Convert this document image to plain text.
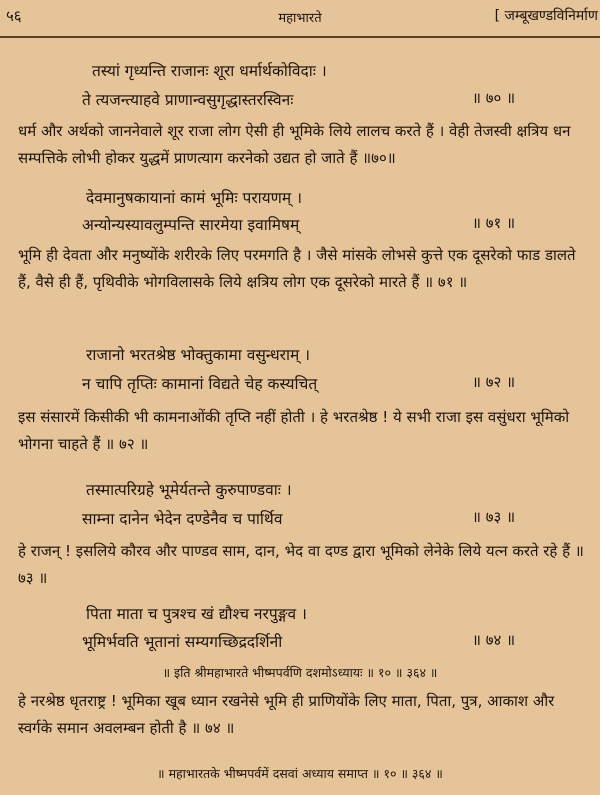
५६	महाभारते	[ जम्बूखण्डविनिर्माण
तस्यां गृध्यन्ति राजानः शूरा धर्मार्थकोविदाः ।
ते त्यजन्त्याहवे प्राणान्वसुगृद्धास्तरस्विनः	॥ ७० ॥
धर्म और अर्थको जाननेवाले शूर राजा लोग ऐसी ही भूमिके लिये लालच करते हैं । वेही तेजस्वी क्षत्रिय धन सम्पत्तिके लोभी होकर युद्धमें प्राणत्याग करनेको उद्यत हो जाते हैं ॥७०॥
देवमानुषकायानां कामं भूमिः परायणम् ।
अन्योन्यस्यावलुम्पन्ति सारमेया इवामिषम्	॥ ७१ ॥
भूमि ही देवता और मनुष्योंके शरीरके लिए परमगति है । जैसे मांसके लोभसे कुत्ते एक दूसरेको फाड डालते हैं, वैसे ही हैं, पृथिवीके भोगविलासके लिये क्षत्रिय लोग एक दूसरेको मारते हैं ॥ ७१ ॥
राजानो भरतश्रेष्ठ भोक्तुकामा वसुन्धराम् ।
न चापि तृप्तिः कामानां विद्यते चेह कस्यचित्	॥ ७२ ॥
इस संसारमें किसीकी भी कामनाओंकी तृप्ति नहीं होती । हे भरतश्रेष्ठ ! ये सभी राजा इस वसुंधरा भूमिको भोगना चाहते हैं ॥ ७२ ॥
तस्मात्परिग्रहे भूमेर्यतन्ते कुरुपाण्डवाः ।
साम्ना दानेन भेदेन दण्डेनैव च पार्थिव	॥ ७३ ॥
हे राजन् ! इसलिये कौरव और पाण्डव साम, दान, भेद वा दण्ड द्वारा भूमिको लेनेके लिये यत्न करते रहे हैं ॥ ७३ ॥
पिता माता च पुत्रश्च खं द्यौश्च नरपुङ्गव ।
भूमिर्भवति भूतानां सम्यगच्छिद्रदर्शिनी	॥ ७४ ॥
॥ इति श्रीमहाभारते भीष्मपर्वणि दशमोऽध्यायः ॥ १० ॥ ३६४ ॥
हे नरश्रेष्ठ धृतराष्ट्र ! भूमिका खूब ध्यान रखनेसे भूमि ही प्राणियोंके लिए माता, पिता, पुत्र, आकाश और स्वर्गके समान अवलम्बन होती है ॥ ७४ ॥
॥ महाभारतके भीष्मपर्वमें दसवां अध्याय समाप्त ॥ १० ॥ ३६४ ॥
